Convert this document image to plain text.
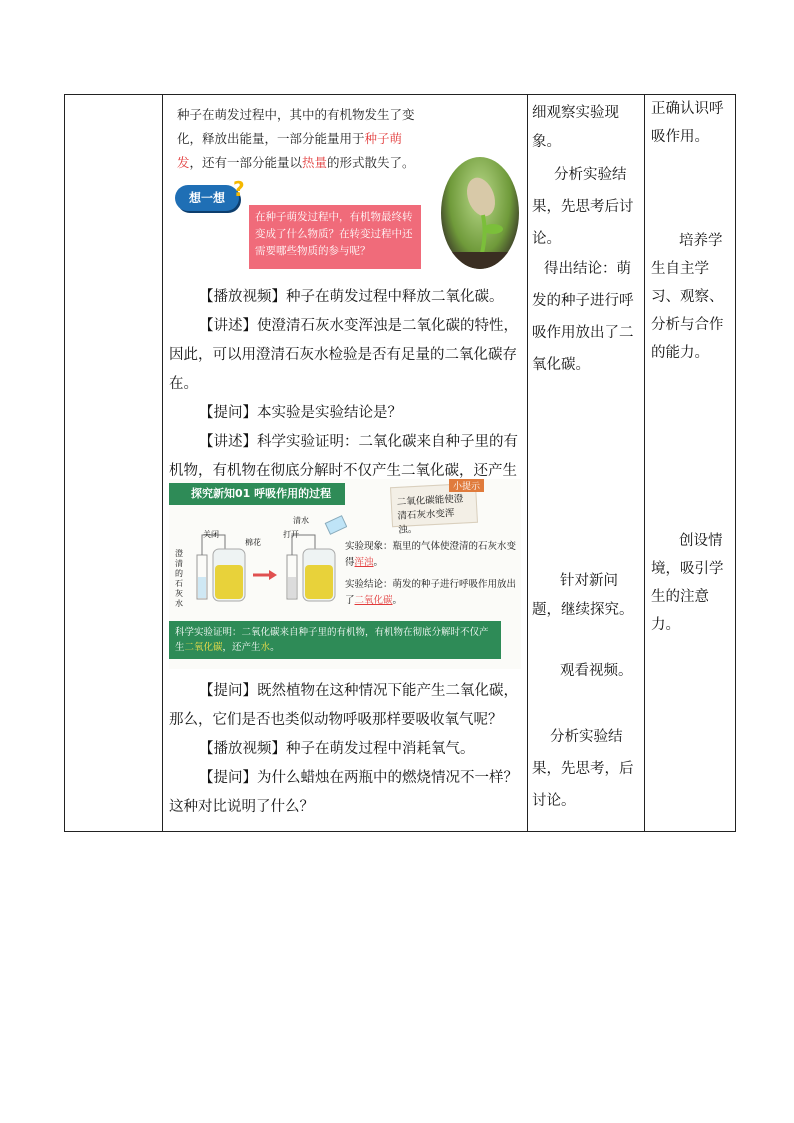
种子在萌发过程中，其中的有机物发生了变化，释放出能量，一部分能量用于种子萌发，还有一部分能量以热量的形式散失了。

想一想 ?
在种子萌发过程中，有机物最终转变成了什么物质？在转变过程中还需要哪些物质的参与呢？

【播放视频】种子在萌发过程中释放二氧化碳。

【讲述】使澄清石灰水变浑浊是二氧化碳的特性，因此，可以用澄清石灰水检验是否有足量的二氧化碳存在。

【提问】本实验是实验结论是？

【讲述】科学实验证明：二氧化碳来自种子里的有机物，有机物在彻底分解时不仅产生二氧化碳，还产生

探究新知01 呼吸作用的过程	二氧化碳能使澄清石灰水变浑浊。
小提示
关闭
棉花
打开
清水
澄清的石灰水
实验现象：瓶里的气体使澄清的石灰水变得浑浊。
实验结论：萌发的种子进行呼吸作用放出了二氧化碳。
科学实验证明：二氧化碳来自种子里的有机物，有机物在彻底分解时不仅产生二氧化碳，还产生水。

【提问】既然植物在这种情况下能产生二氧化碳，那么，它们是否也类似动物呼吸那样要吸收氧气呢？

【播放视频】种子在萌发过程中消耗氧气。

【提问】为什么蜡烛在两瓶中的燃烧情况不一样？这种对比说明了什么？

细观察实验现象。

分析实验结果，先思考后讨论。

得出结论：萌发的种子进行呼吸作用放出了二氧化碳。

针对新问题，继续探究。

观看视频。

分析实验结果，先思考，后讨论。

正确认识呼吸作用。

培养学生自主学习、观察、分析与合作的能力。

创设情境，吸引学生的注意力。
